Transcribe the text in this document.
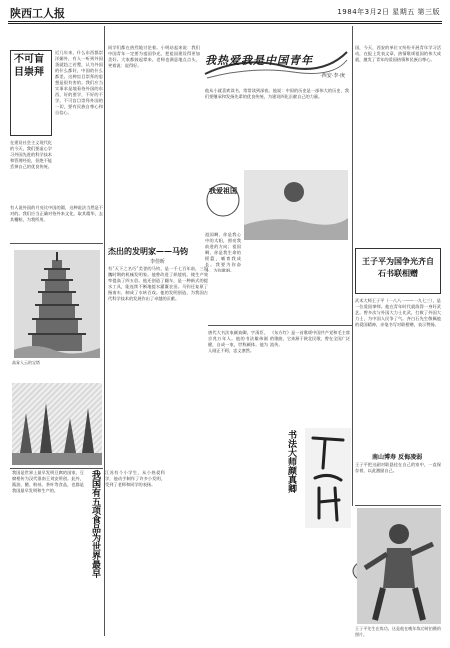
陕西工人报	1984年3月2日 星期五 第三版
不可盲目崇拜
近几年来，什么东西都崇洋媚外，有人一听到外国货就趋之若鹜，认为外国的什么都好，中国的什么都差。这种盲目崇拜的思想是很有害的。我们应当实事求是地看待外国的东西，好的要学，不好的不学。不可盲目崇拜外国的一切，要有民族自尊心和自信心。
在建设社会主义现代化的今天，我们要虚心学习外国先进的科学技术和管理经验，但绝不能丢掉自己的优良传统。
有人说外国的月亮比中国的圆，这种说法当然是不对的。我们应当正确对待外来文化，取其精华，去其糟粕，为我所用。
同学们都在热烈地讨论着。小明站起来说：我们中国青年一定要为祖国争光，把祖国建设得更加美好。大家都鼓起掌来。老师也满意地点点头，笑着说：说得好。
高耸入云的宝塔
我国有五项食品为世界最早
我国是世界上最早发明豆腐的国家，豆腐相传为汉代淮南王刘安所创。此外，酱油、醋、粉丝、茶叶等食品，也都是我国最早发明和生产的。
江苏有个小学生，从小热爱科学，他动手制作了许多小发明，受到了老师和同学的表扬。
杰出的发明家——马钧
李佳昕
有“天下之名巧”美誉的马钧，是一千七百年前，三国魏时期的机械发明家。他曾改进了织绫机，使生产效率提高了四五倍。他还创造了翻车，是一种新式的提水工具，能连续不断地提水灌溉农田。马钧还复原了指南车，制成了水转百戏。他的发明创造，为我国古代科学技术的发展作出了卓越的贡献。
我热爱我是中国青年
·西安·李·庚
他从小就喜欢读书，常常读到深夜。他说：中国的历史是一部伟大的历史，我们要继承和发扬先辈的优良传统，为建设四化贡献自己的力量。
我爱祖国
祖国啊，你是我心中的太阳，照亮我前进的方向；祖国啊，你是我生命的摇篮，哺育我成长。我要为你奋斗，为你歌唱。
唐代大书法家颜真卿，字清臣，京兆万年人。他的书法雄伟刚健，自成一家，世称颜体。他为人刚正不阿，忠义凛然。
《东方红》是一首歌颂中国共产党和毛主席的歌曲，它来源于陕北民歌，曾在全国广泛流传。
书法大师颜真卿
国，今天，西安的单位又纷纷开展青年学习活动，在报上发表文章，热情歌颂祖国的伟大成就，激发了青年的爱国热情和民族自尊心。
王子平为国争光齐自石书联相赠
武术大师王子平（一八八一——一九七三），是一位爱国拳师。他在青年时代就练得一身好武艺。曾多次与外国大力士比武，打败了外国大力士，为中国人民争了气。齐白石先生敬佩他的爱国精神，亲笔书写对联相赠，表示赞扬。
南山博寿 反侮凌弱
王子平把这副对联悬挂在自己的家中，一直保存着，以此激励自己。
王子平先生在练功。这是他在晚年练功时拍摄的照片。
